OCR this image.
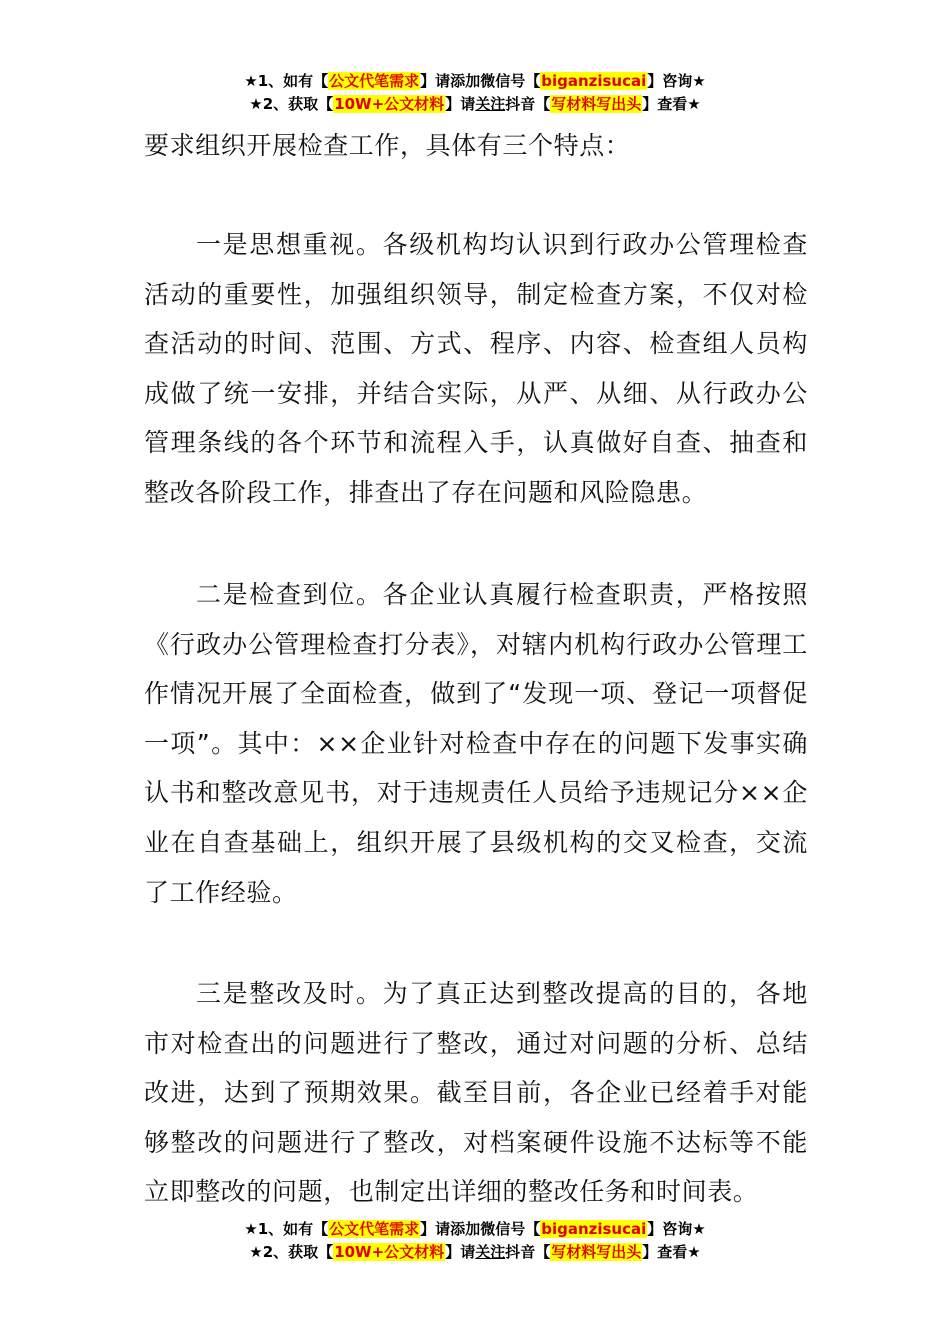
★1、如有【公文代笔需求】请添加微信号【biganzisucai】咨询★
★2、获取【10W+公文材料】请关注抖音【写材料写出头】查看★

要求组织开展检查工作，具体有三个特点：

一是思想重视。各级机构均认识到行政办公管理检查活动的重要性，加强组织领导，制定检查方案，不仅对检查活动的时间、范围、方式、程序、内容、检查组人员构成做了统一安排，并结合实际，从严、从细、从行政办公管理条线的各个环节和流程入手，认真做好自查、抽查和整改各阶段工作，排查出了存在问题和风险隐患。

二是检查到位。各企业认真履行检查职责，严格按照《行政办公管理检查打分表》，对辖内机构行政办公管理工作情况开展了全面检查，做到了“发现一项、登记一项督促一项”。其中：××企业针对检查中存在的问题下发事实确认书和整改意见书，对于违规责任人员给予违规记分××企业在自查基础上，组织开展了县级机构的交叉检查，交流了工作经验。

三是整改及时。为了真正达到整改提高的目的，各地市对检查出的问题进行了整改，通过对问题的分析、总结改进，达到了预期效果。截至目前，各企业已经着手对能够整改的问题进行了整改，对档案硬件设施不达标等不能立即整改的问题，也制定出详细的整改任务和时间表。

★1、如有【公文代笔需求】请添加微信号【biganzisucai】咨询★
★2、获取【10W+公文材料】请关注抖音【写材料写出头】查看★
